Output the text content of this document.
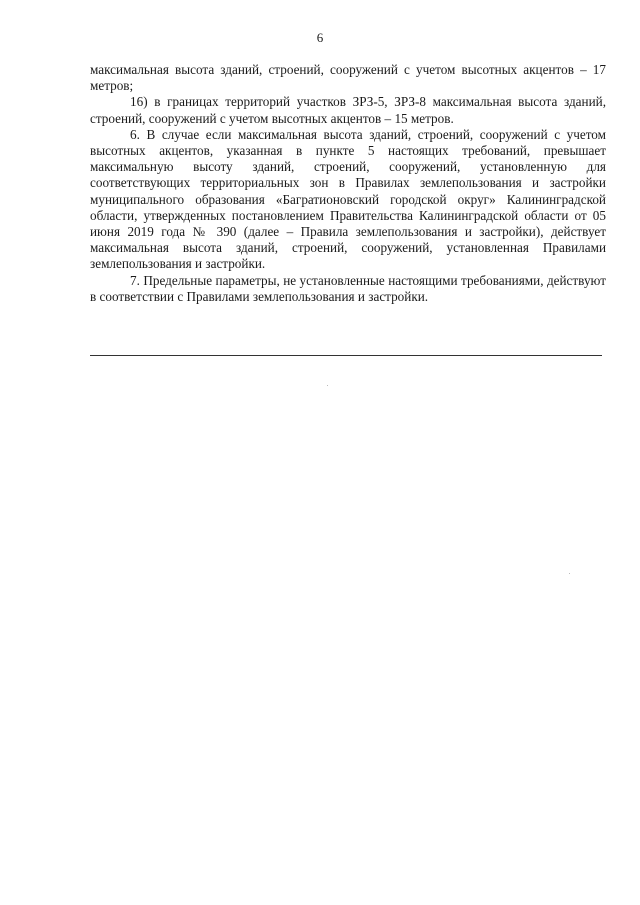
6

максимальная высота зданий, строений, сооружений с учетом высотных акцентов – 17 метров;

16) в границах территорий участков ЗРЗ-5, ЗРЗ-8 максимальная высота зданий, строений, сооружений с учетом высотных акцентов – 15 метров.

6. В случае если максимальная высота зданий, строений, сооружений с учетом высотных акцентов, указанная в пункте 5 настоящих требований, превышает максимальную высоту зданий, строений, сооружений, установленную для соответствующих территориальных зон в Правилах землепользования и застройки муниципального образования «Багратионовский городской округ» Калининградской области, утвержденных постановлением Правительства Калининградской области от 05 июня 2019 года № 390 (далее – Правила землепользования и застройки), действует максимальная высота зданий, строений, сооружений, установленная Правилами землепользования и застройки.

7. Предельные параметры, не установленные настоящими требованиями, действуют в соответствии с Правилами землепользования и застройки.
